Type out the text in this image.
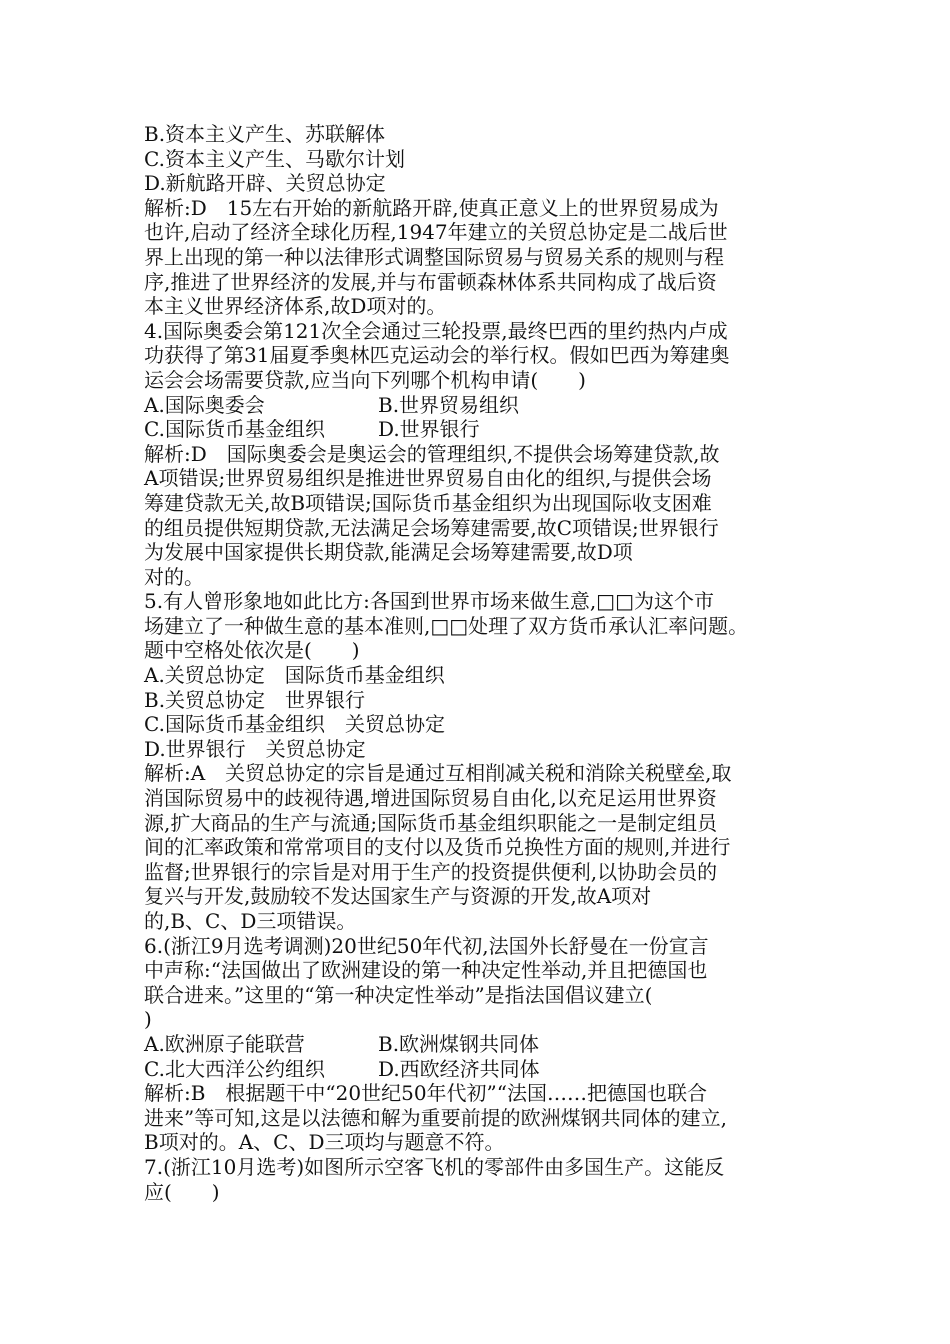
B.资本主义产生、苏联解体
C.资本主义产生、马歇尔计划
D.新航路开辟、关贸总协定
解析:D　15左右开始的新航路开辟,使真正意义上的世界贸易成为
也许,启动了经济全球化历程,1947年建立的关贸总协定是二战后世
界上出现的第一种以法律形式调整国际贸易与贸易关系的规则与程
序,推进了世界经济的发展,并与布雷顿森林体系共同构成了战后资
本主义世界经济体系,故D项对的。
4.国际奥委会第121次全会通过三轮投票,最终巴西的里约热内卢成
功获得了第31届夏季奥林匹克运动会的举行权。假如巴西为筹建奥
运会会场需要贷款,应当向下列哪个机构申请(　　)
A.国际奥委会	B.世界贸易组织
C.国际货币基金组织	D.世界银行
解析:D　国际奥委会是奥运会的管理组织,不提供会场筹建贷款,故
A项错误;世界贸易组织是推进世界贸易自由化的组织,与提供会场
筹建贷款无关,故B项错误;国际货币基金组织为出现国际收支困难
的组员提供短期贷款,无法满足会场筹建需要,故C项错误;世界银行
为发展中国家提供长期贷款,能满足会场筹建需要,故D项
对的。
5.有人曾形象地如此比方:各国到世界市场来做生意,□□为这个市
场建立了一种做生意的基本准则,□□处理了双方货币承认汇率问题。
题中空格处依次是(　　)
A.关贸总协定　国际货币基金组织
B.关贸总协定　世界银行
C.国际货币基金组织　关贸总协定
D.世界银行　关贸总协定
解析:A　关贸总协定的宗旨是通过互相削减关税和消除关税壁垒,取
消国际贸易中的歧视待遇,增进国际贸易自由化,以充足运用世界资
源,扩大商品的生产与流通;国际货币基金组织职能之一是制定组员
间的汇率政策和常常项目的支付以及货币兑换性方面的规则,并进行
监督;世界银行的宗旨是对用于生产的投资提供便利,以协助会员的
复兴与开发,鼓励较不发达国家生产与资源的开发,故A项对
的,B、C、D三项错误。
6.(浙江9月选考调测)20世纪50年代初,法国外长舒曼在一份宣言
中声称:“法国做出了欧洲建设的第一种决定性举动,并且把德国也
联合进来。”这里的“第一种决定性举动”是指法国倡议建立(
)
A.欧洲原子能联营	B.欧洲煤钢共同体
C.北大西洋公约组织	D.西欧经济共同体
解析:B　根据题干中“20世纪50年代初”“法国……把德国也联合
进来”等可知,这是以法德和解为重要前提的欧洲煤钢共同体的建立,
B项对的。A、C、D三项均与题意不符。
7.(浙江10月选考)如图所示空客飞机的零部件由多国生产。这能反
应(　　)
